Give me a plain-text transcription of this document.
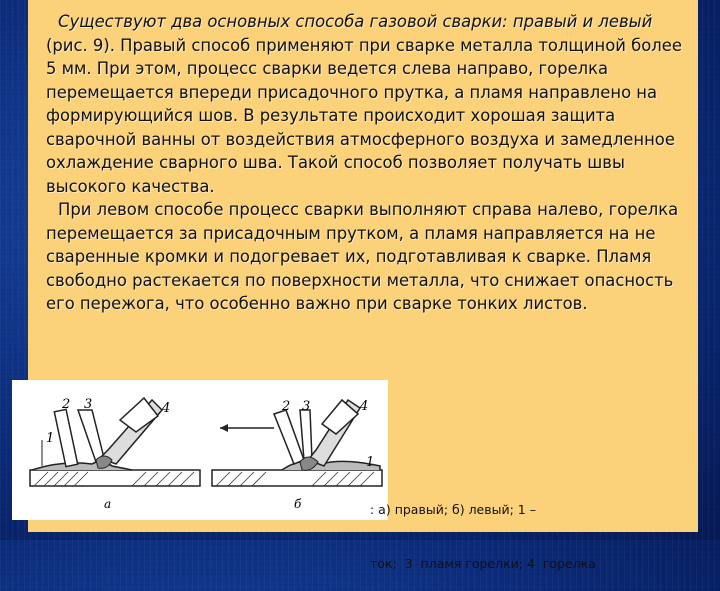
Существуют два основных способа газовой сварки: правый и левый (рис. 9). Правый способ применяют при сварке металла толщиной более 5 мм. При этом, процесс сварки ведется слева направо, горелка перемещается впереди присадочного прутка, а пламя направлено на формирующийся шов. В результате происходит хорошая защита сварочной ванны от воздействия атмосферного воздуха и замедленное охлаждение сварного шва. Такой способ позволяет получать швы высокого качества.

При левом способе процесс сварки выполняют справа налево, горелка перемещается за присадочным прутком, а пламя направляется на не сваренные кромки и подогревает их, подготавливая к сварке. Пламя свободно растекается по поверхности металла, что снижает опасность его пережога, что особенно важно при сварке тонких листов.

2 3	4
1
а
2 3	4
1
б

	: а) правый; б) левый; 1 –

ток;  3  пламя горелки; 4  горелка
